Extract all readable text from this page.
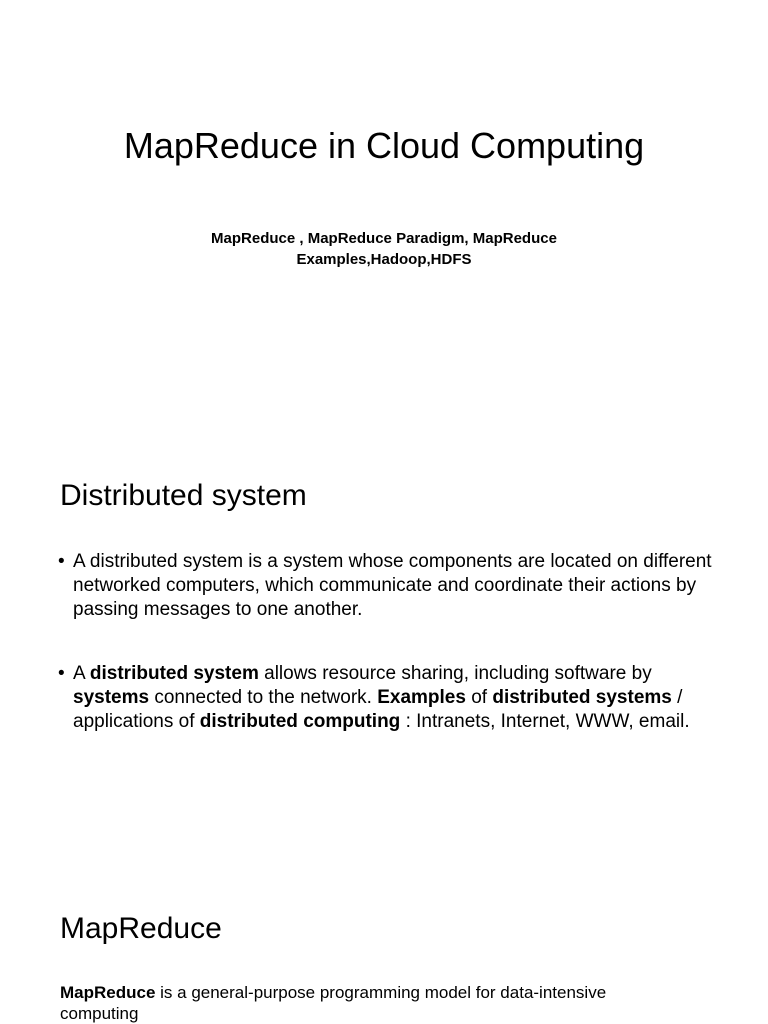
MapReduce in Cloud Computing
MapReduce , MapReduce Paradigm, MapReduce
Examples,Hadoop,HDFS
Distributed system
• A distributed system is a system whose components are located on different networked computers, which communicate and coordinate their actions by passing messages to one another.
• A distributed system allows resource sharing, including software by systems connected to the network. Examples of distributed systems / applications of distributed computing : Intranets, Internet, WWW, email.
MapReduce

MapReduce is a general-purpose programming model for data-intensive computing
